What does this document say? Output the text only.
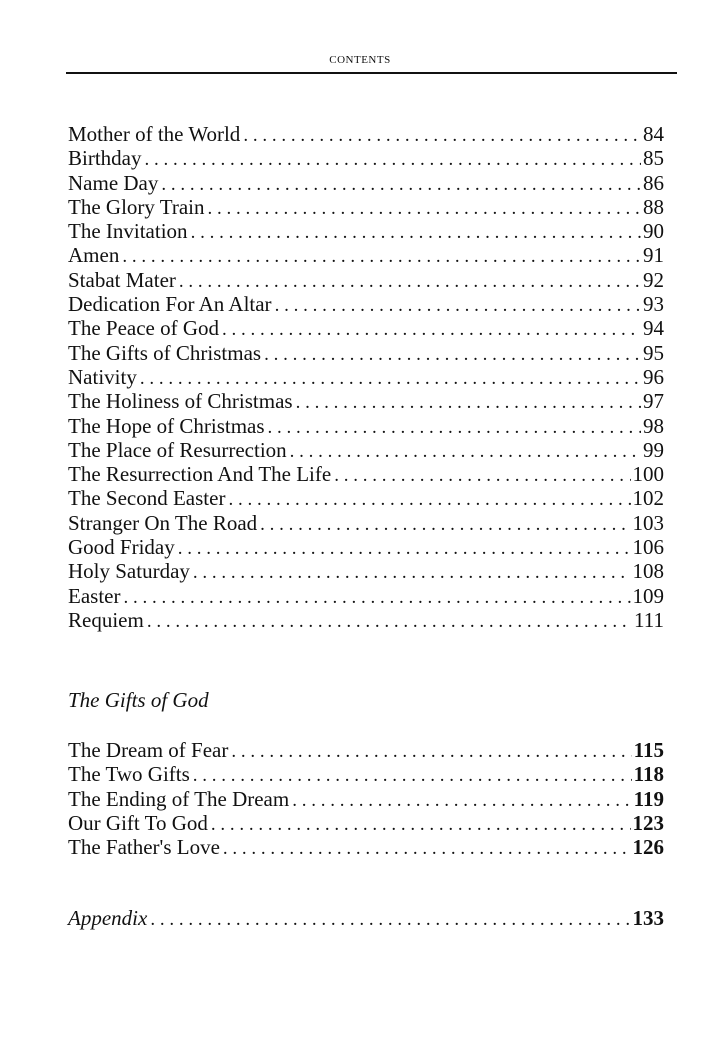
contents
Mother of the World . . .	84
Birthday . . .	85
Name Day . . .	86
The Glory Train . . .	88
The Invitation . . .	90
Amen . . .	91
Stabat Mater . . .	92
Dedication For An Altar . . .	93
The Peace of God . . .	94
The Gifts of Christmas . . .	95
Nativity . . .	96
The Holiness of Christmas . . .	97
The Hope of Christmas . . .	98
The Place of Resurrection . . .	99
The Resurrection And The Life . . .	100
The Second Easter . . .	102
Stranger On The Road . . .	103
Good Friday . . .	106
Holy Saturday . . .	108
Easter . . .	109
Requiem . . .	111
The Gifts of God
The Dream of Fear . . .	115
The Two Gifts . . .	118
The Ending of The Dream . . .	119
Our Gift To God . . .	123
The Father's Love . . .	126
Appendix . . .	133
